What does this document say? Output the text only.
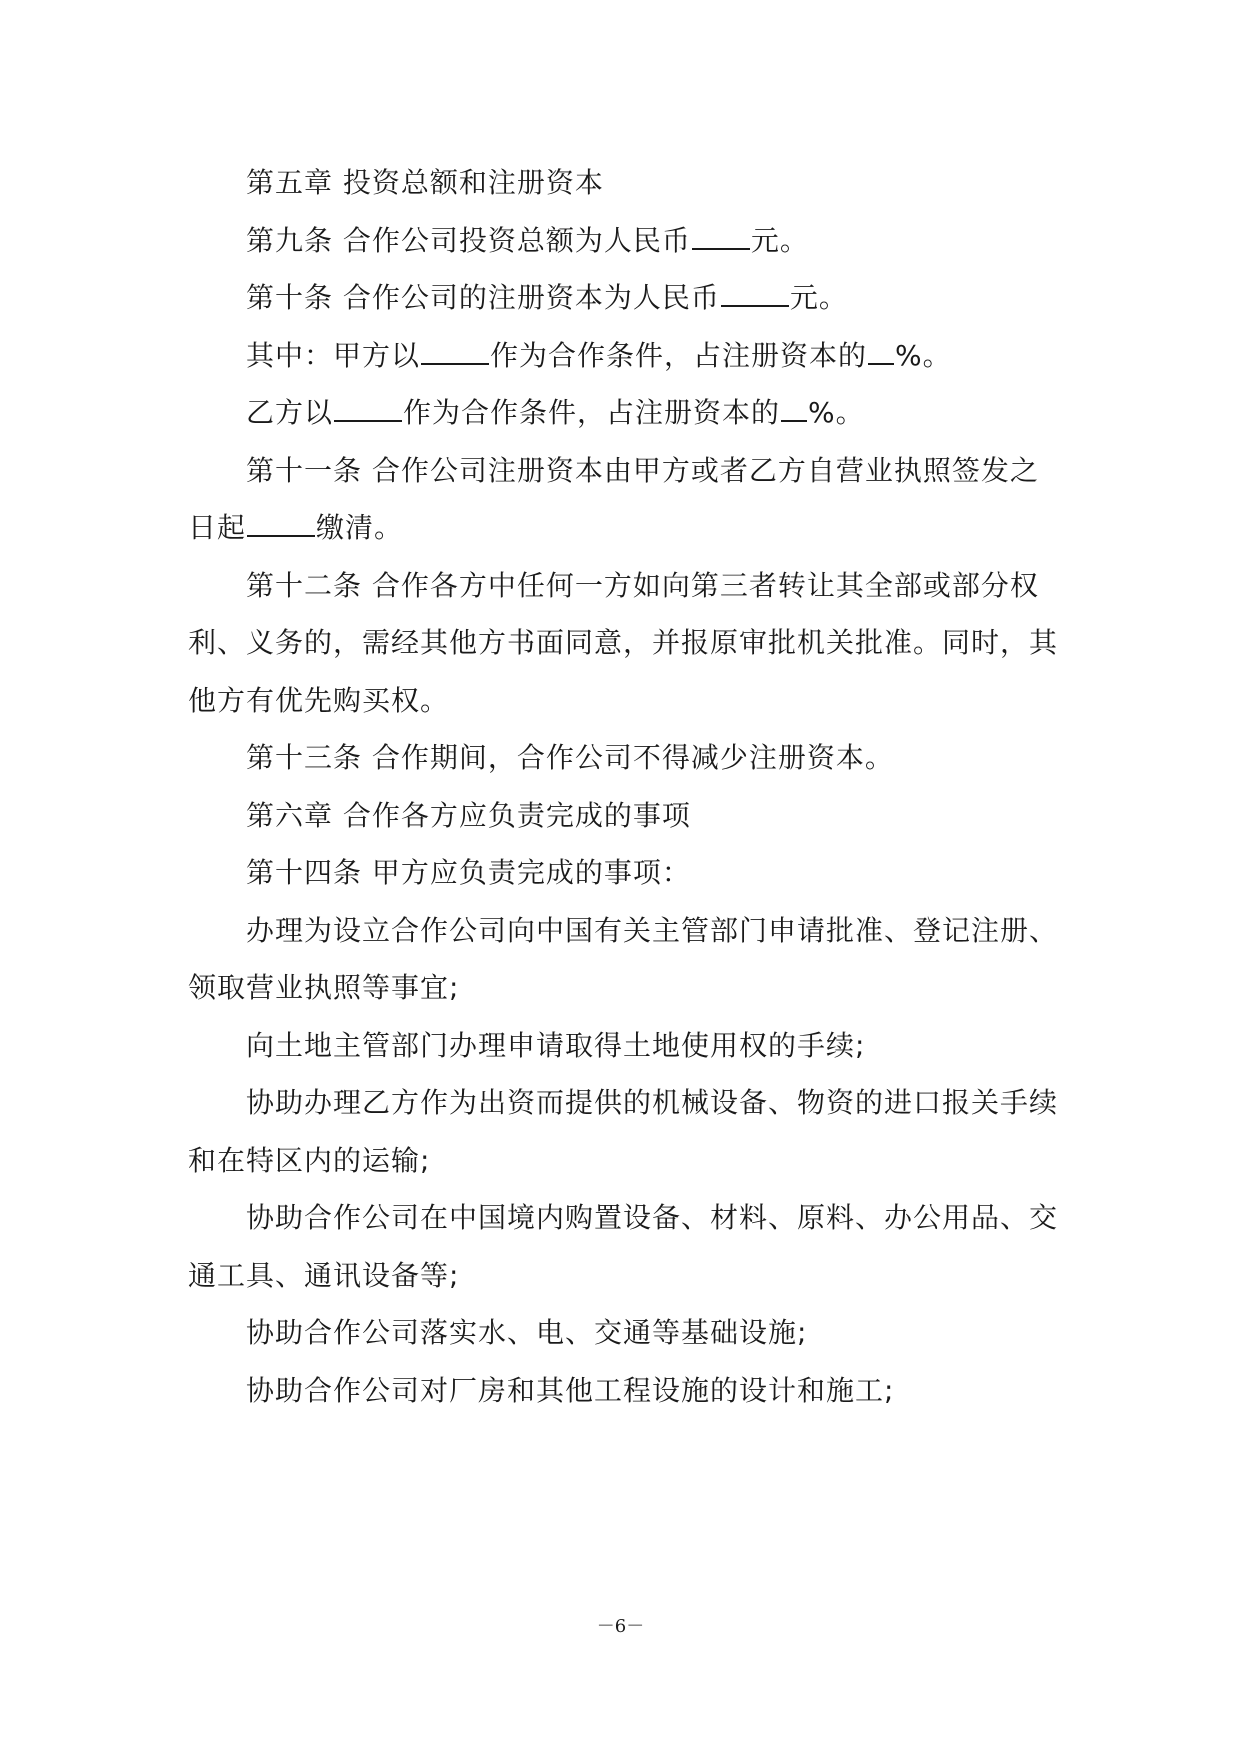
第五章 投资总额和注册资本

第九条 合作公司投资总额为人民币 元。

第十条 合作公司的注册资本为人民币	元。

其中：甲方以	作为合作条件，占注册资本的 %。

乙方以	作为合作条件，占注册资本的 %。

第十一条 合作公司注册资本由甲方或者乙方自营业执照签发之

日起	缴清。

第十二条 合作各方中任何一方如向第三者转让其全部或部分权

利、义务的，需经其他方书面同意，并报原审批机关批准。同时，其

他方有优先购买权。

第十三条 合作期间，合作公司不得减少注册资本。

第六章 合作各方应负责完成的事项

第十四条 甲方应负责完成的事项：

办理为设立合作公司向中国有关主管部门申请批准、登记注册、

领取营业执照等事宜;

向土地主管部门办理申请取得土地使用权的手续;

协助办理乙方作为出资而提供的机械设备、物资的进口报关手续

和在特区内的运输;

协助合作公司在中国境内购置设备、材料、原料、办公用品、交

通工具、通讯设备等;

协助合作公司落实水、电、交通等基础设施;

协助合作公司对厂房和其他工程设施的设计和施工;

－6－
